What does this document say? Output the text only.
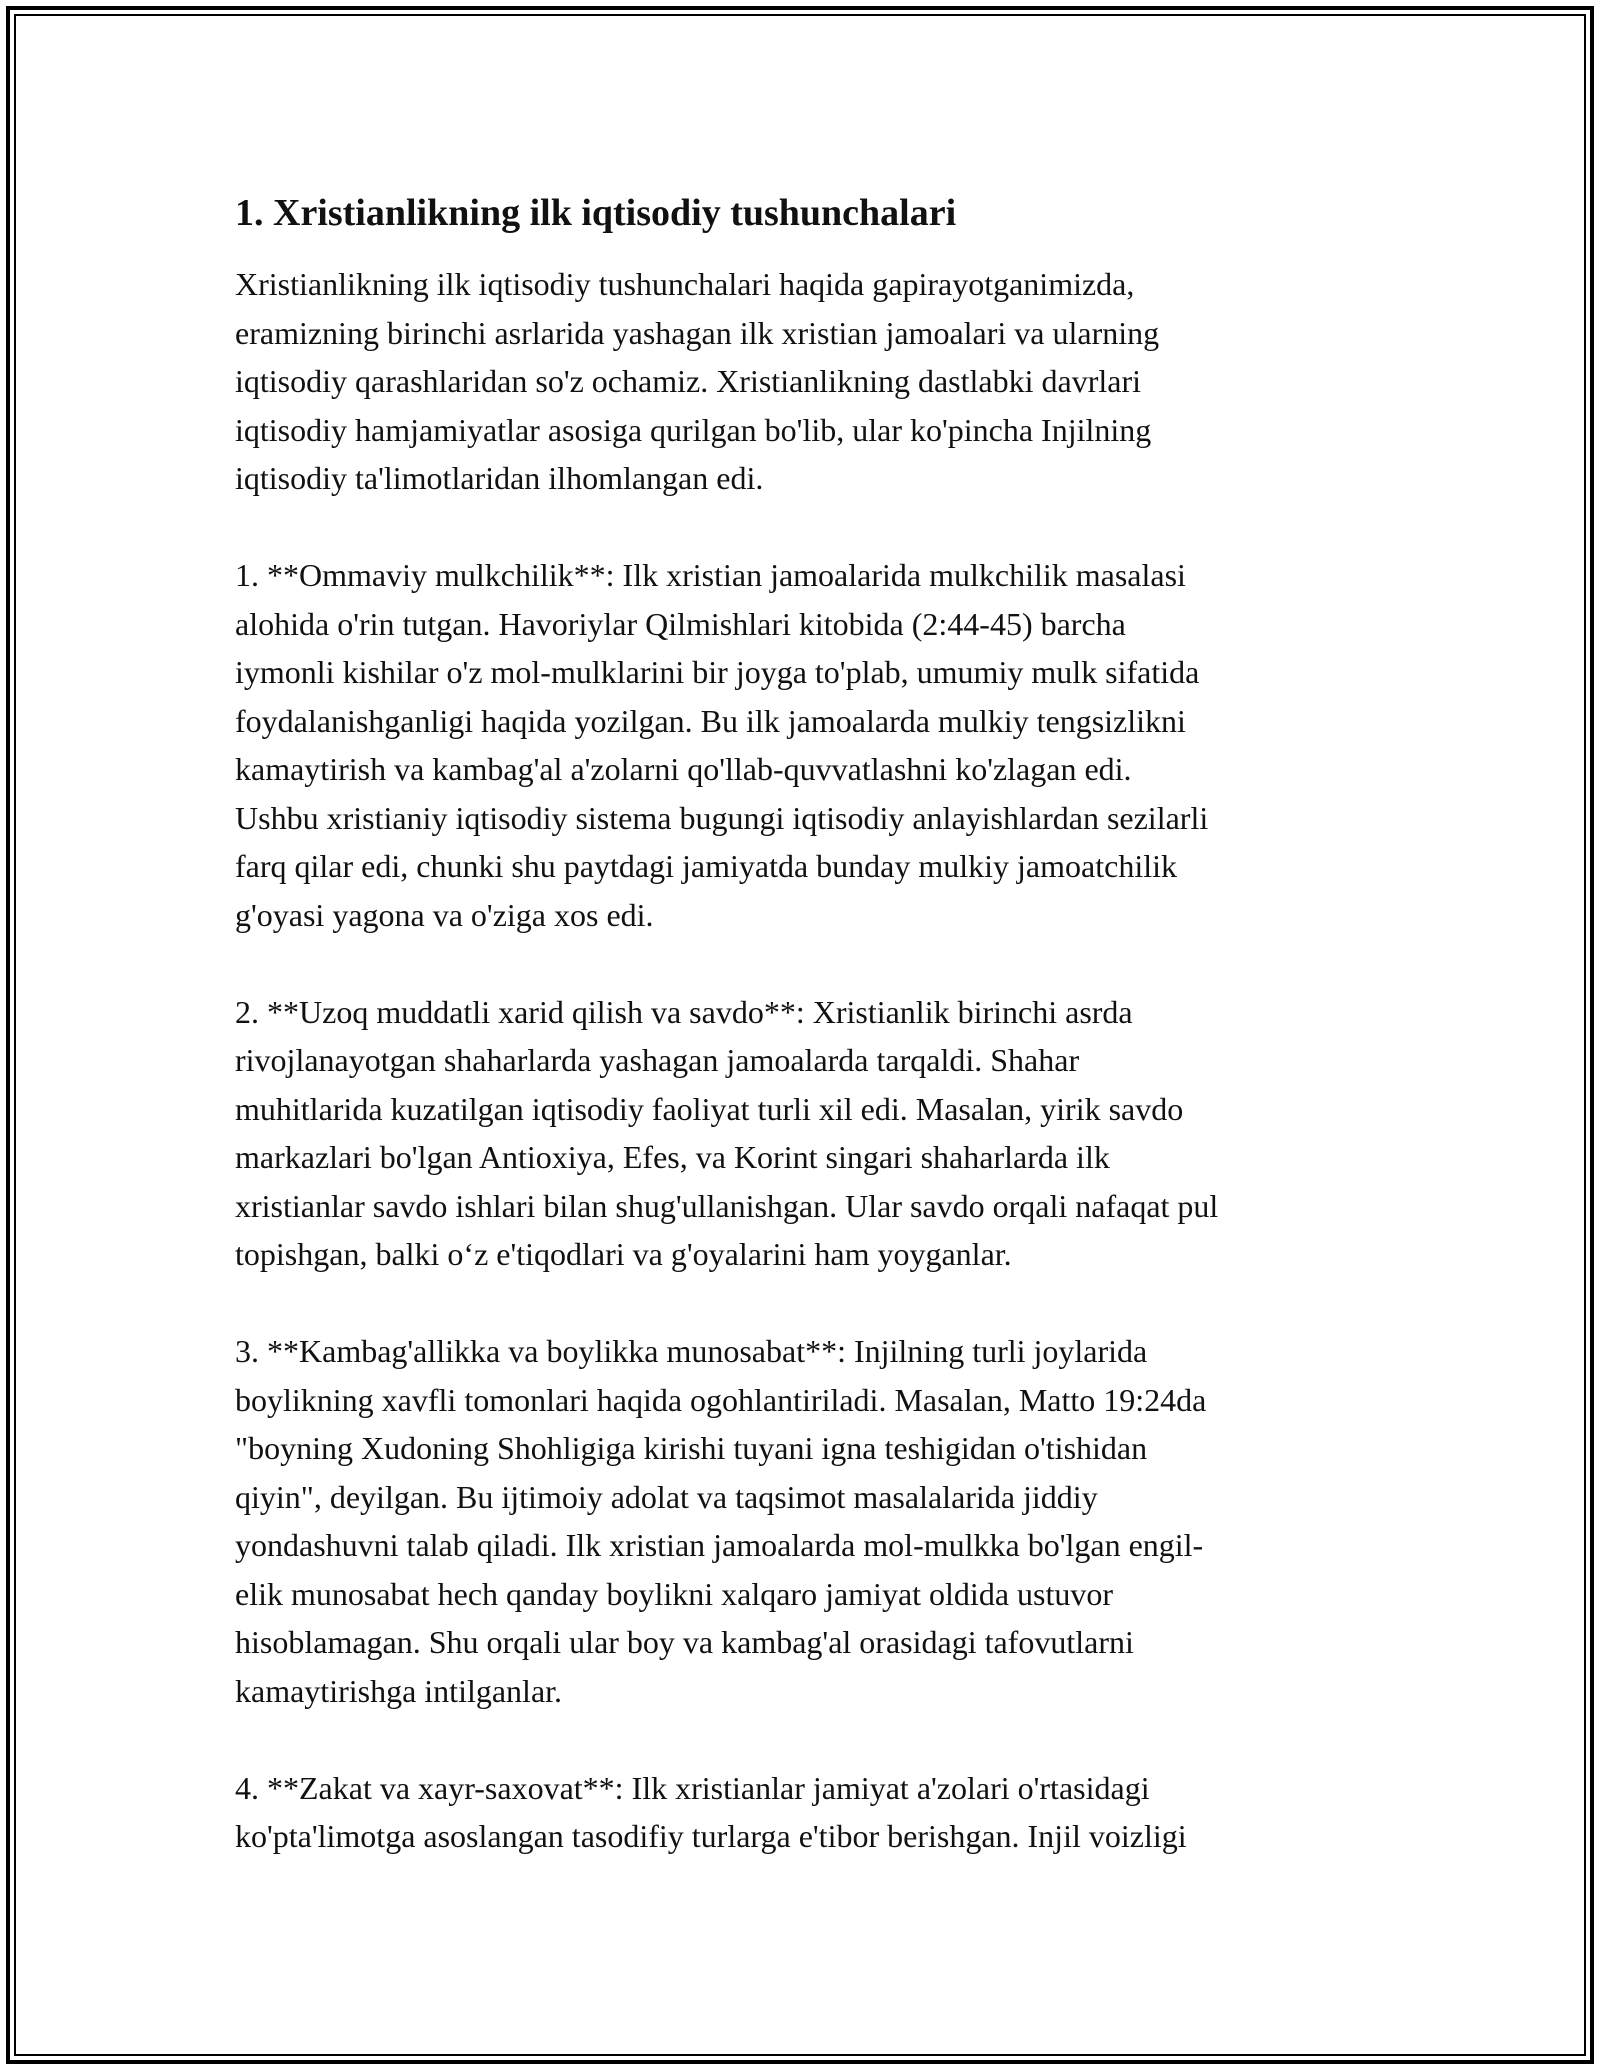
1. Xristianlikning ilk iqtisodiy tushunchalari

Xristianlikning ilk iqtisodiy tushunchalari haqida gapirayotganimizda,
eramizning birinchi asrlarida yashagan ilk xristian jamoalari va ularning
iqtisodiy qarashlaridan so'z ochamiz. Xristianlikning dastlabki davrlari
iqtisodiy hamjamiyatlar asosiga qurilgan bo'lib, ular ko'pincha Injilning
iqtisodiy ta'limotlaridan ilhomlangan edi.

1. **Ommaviy mulkchilik**: Ilk xristian jamoalarida mulkchilik masalasi
alohida o'rin tutgan. Havoriylar Qilmishlari kitobida (2:44-45) barcha
iymonli kishilar o'z mol-mulklarini bir joyga to'plab, umumiy mulk sifatida
foydalanishganligi haqida yozilgan. Bu ilk jamoalarda mulkiy tengsizlikni
kamaytirish va kambag'al a'zolarni qo'llab-quvvatlashni ko'zlagan edi.
Ushbu xristianiy iqtisodiy sistema bugungi iqtisodiy anlayishlardan sezilarli
farq qilar edi, chunki shu paytdagi jamiyatda bunday mulkiy jamoatchilik
g'oyasi yagona va o'ziga xos edi.

2. **Uzoq muddatli xarid qilish va savdo**: Xristianlik birinchi asrda
rivojlanayotgan shaharlarda yashagan jamoalarda tarqaldi. Shahar
muhitlarida kuzatilgan iqtisodiy faoliyat turli xil edi. Masalan, yirik savdo
markazlari bo'lgan Antioxiya, Efes, va Korint singari shaharlarda ilk
xristianlar savdo ishlari bilan shug'ullanishgan. Ular savdo orqali nafaqat pul
topishgan, balki o‘z e'tiqodlari va g'oyalarini ham yoyganlar.

3. **Kambag'allikka va boylikka munosabat**: Injilning turli joylarida
boylikning xavfli tomonlari haqida ogohlantiriladi. Masalan, Matto 19:24da
"boyning Xudoning Shohligiga kirishi tuyani igna teshigidan o'tishidan
qiyin", deyilgan. Bu ijtimoiy adolat va taqsimot masalalarida jiddiy
yondashuvni talab qiladi. Ilk xristian jamoalarda mol-mulkka bo'lgan engil-
elik munosabat hech qanday boylikni xalqaro jamiyat oldida ustuvor
hisoblamagan. Shu orqali ular boy va kambag'al orasidagi tafovutlarni
kamaytirishga intilganlar.

4. **Zakat va xayr-saxovat**: Ilk xristianlar jamiyat a'zolari o'rtasidagi
ko'pta'limotga asoslangan tasodifiy turlarga e'tibor berishgan. Injil voizligi
